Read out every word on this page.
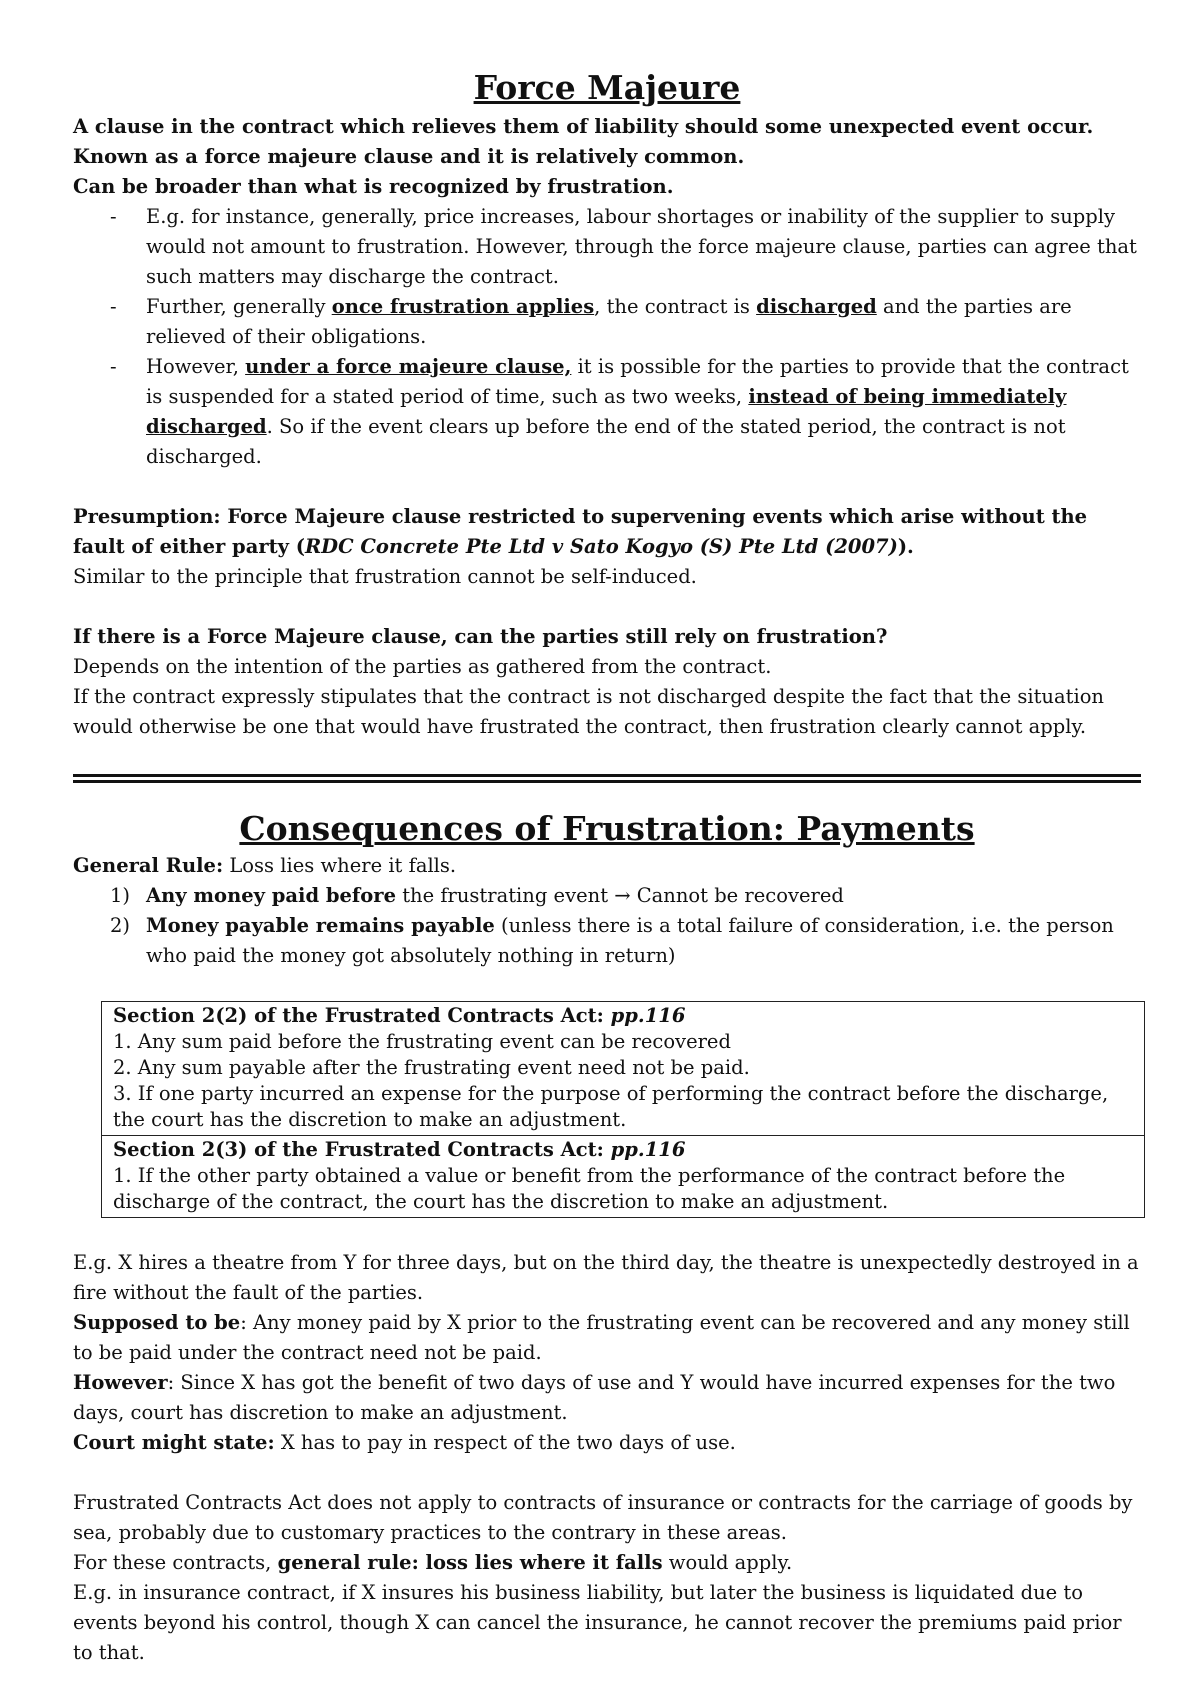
Force Majeure

A clause in the contract which relieves them of liability should some unexpected event occur.

Known as a force majeure clause and it is relatively common.

Can be broader than what is recognized by frustration.

- E.g. for instance, generally, price increases, labour shortages or inability of the supplier to supply would not amount to frustration. However, through the force majeure clause, parties can agree that such matters may discharge the contract.
- Further, generally once frustration applies, the contract is discharged and the parties are relieved of their obligations.
- However, under a force majeure clause, it is possible for the parties to provide that the contract is suspended for a stated period of time, such as two weeks, instead of being immediately discharged. So if the event clears up before the end of the stated period, the contract is not discharged.

Presumption: Force Majeure clause restricted to supervening events which arise without the fault of either party (RDC Concrete Pte Ltd v Sato Kogyo (S) Pte Ltd (2007)).

Similar to the principle that frustration cannot be self-induced.

If there is a Force Majeure clause, can the parties still rely on frustration?

Depends on the intention of the parties as gathered from the contract.

If the contract expressly stipulates that the contract is not discharged despite the fact that the situation would otherwise be one that would have frustrated the contract, then frustration clearly cannot apply.

Consequences of Frustration: Payments

General Rule: Loss lies where it falls.

1) Any money paid before the frustrating event → Cannot be recovered
2) Money payable remains payable (unless there is a total failure of consideration, i.e. the person who paid the money got absolutely nothing in return)
Section 2(2) of the Frustrated Contracts Act: pp.116
1. Any sum paid before the frustrating event can be recovered
2. Any sum payable after the frustrating event need not be paid.
3. If one party incurred an expense for the purpose of performing the contract before the discharge, the court has the discretion to make an adjustment.

Section 2(3) of the Frustrated Contracts Act: pp.116
1. If the other party obtained a value or benefit from the performance of the contract before the discharge of the contract, the court has the discretion to make an adjustment.

E.g. X hires a theatre from Y for three days, but on the third day, the theatre is unexpectedly destroyed in a fire without the fault of the parties.

Supposed to be: Any money paid by X prior to the frustrating event can be recovered and any money still to be paid under the contract need not be paid.

However: Since X has got the benefit of two days of use and Y would have incurred expenses for the two days, court has discretion to make an adjustment.

Court might state: X has to pay in respect of the two days of use.

Frustrated Contracts Act does not apply to contracts of insurance or contracts for the carriage of goods by sea, probably due to customary practices to the contrary in these areas.

For these contracts, general rule: loss lies where it falls would apply.

E.g. in insurance contract, if X insures his business liability, but later the business is liquidated due to events beyond his control, though X can cancel the insurance, he cannot recover the premiums paid prior to that.
